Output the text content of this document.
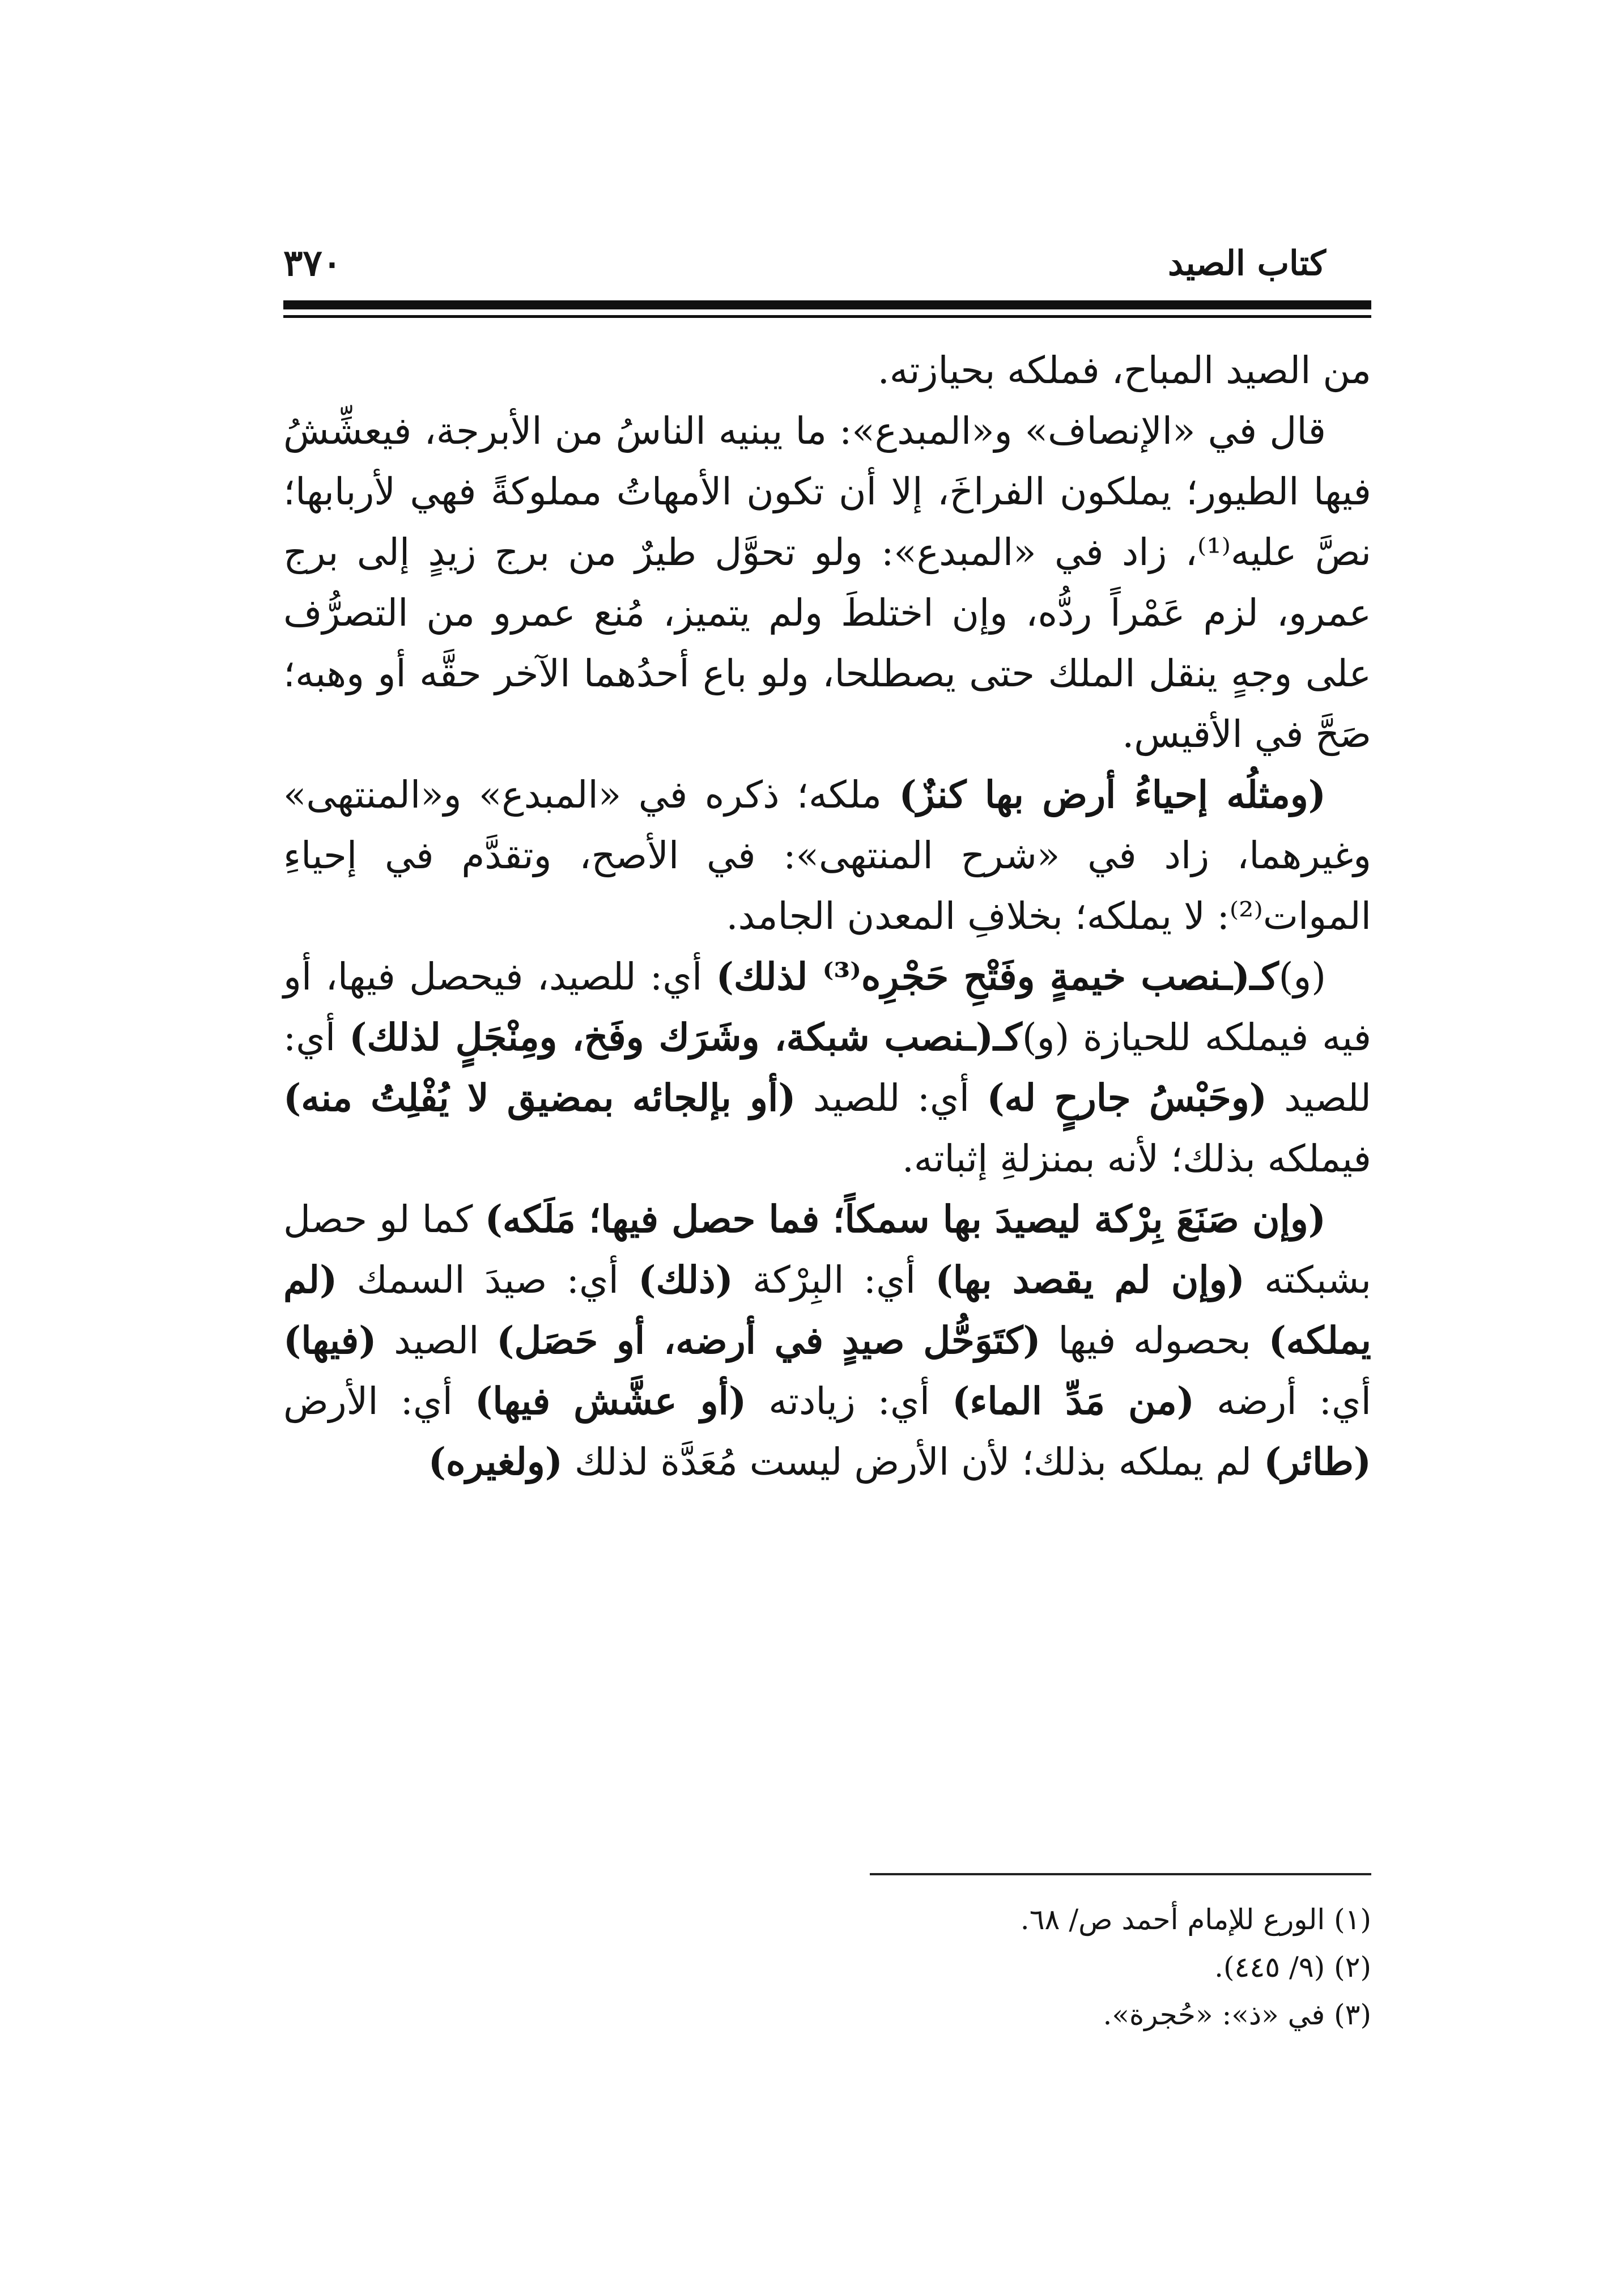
كتاب الصيد
٣٧٠

من الصيد المباح، فملكه بحيازته.

قال في «الإنصاف» و«المبدع»: ما يبنيه الناسُ من الأبرجة، فيعشِّشُ فيها الطيور؛ يملكون الفراخَ، إلا أن تكون الأمهاتُ مملوكةً فهي لأربابها؛ نصَّ عليه⁽¹⁾، زاد في «المبدع»: ولو تحوَّل طيرٌ من برج زيدٍ إلى برج عمرو، لزم عَمْراً ردُّه، وإن اختلطَ ولم يتميز، مُنع عمرو من التصرُّف على وجهٍ ينقل الملك حتى يصطلحا، ولو باع أحدُهما الآخر حقَّه أو وهبه؛ صَحَّ في الأقيس.

(ومثلُه إحياءُ أرض بها كنزٌ) ملكه؛ ذكره في «المبدع» و«المنتهى» وغيرهما، زاد في «شرح المنتهى»: في الأصح، وتقدَّم في إحياءِ الموات⁽²⁾: لا يملكه؛ بخلافِ المعدن الجامد.

(و)كـ(ـنصب خيمةٍ وفَتْحِ حَجْرِه⁽³⁾ لذلك) أي: للصيد، فيحصل فيها، أو فيه فيملكه للحيازة (و)كـ(ـنصب شبكة، وشَرَك وفَخ، ومِنْجَلٍ لذلك) أي: للصيد (وحَبْسُ جارحٍ له) أي: للصيد (أو بإلجائه بمضيق لا يُفْلِتُ منه) فيملكه بذلك؛ لأنه بمنزلةِ إثباته.

(وإن صَنَعَ بِرْكة ليصيدَ بها سمكاً؛ فما حصل فيها؛ مَلَكه) كما لو حصل بشبكته (وإن لم يقصد بها) أي: البِرْكة (ذلك) أي: صيدَ السمك (لم يملكه) بحصوله فيها (كتَوَحُّل صيدٍ في أرضه، أو حَصَل) الصيد (فيها) أي: أرضه (من مَدِّ الماء) أي: زيادته (أو عشَّش فيها) أي: الأرض (طائر) لم يملكه بذلك؛ لأن الأرض ليست مُعَدَّة لذلك (ولغيره)

(١) الورع للإمام أحمد ص/ ٦٨.
(٢) (٩/ ٤٤٥).
(٣) في «ذ»: «حُجرة».
